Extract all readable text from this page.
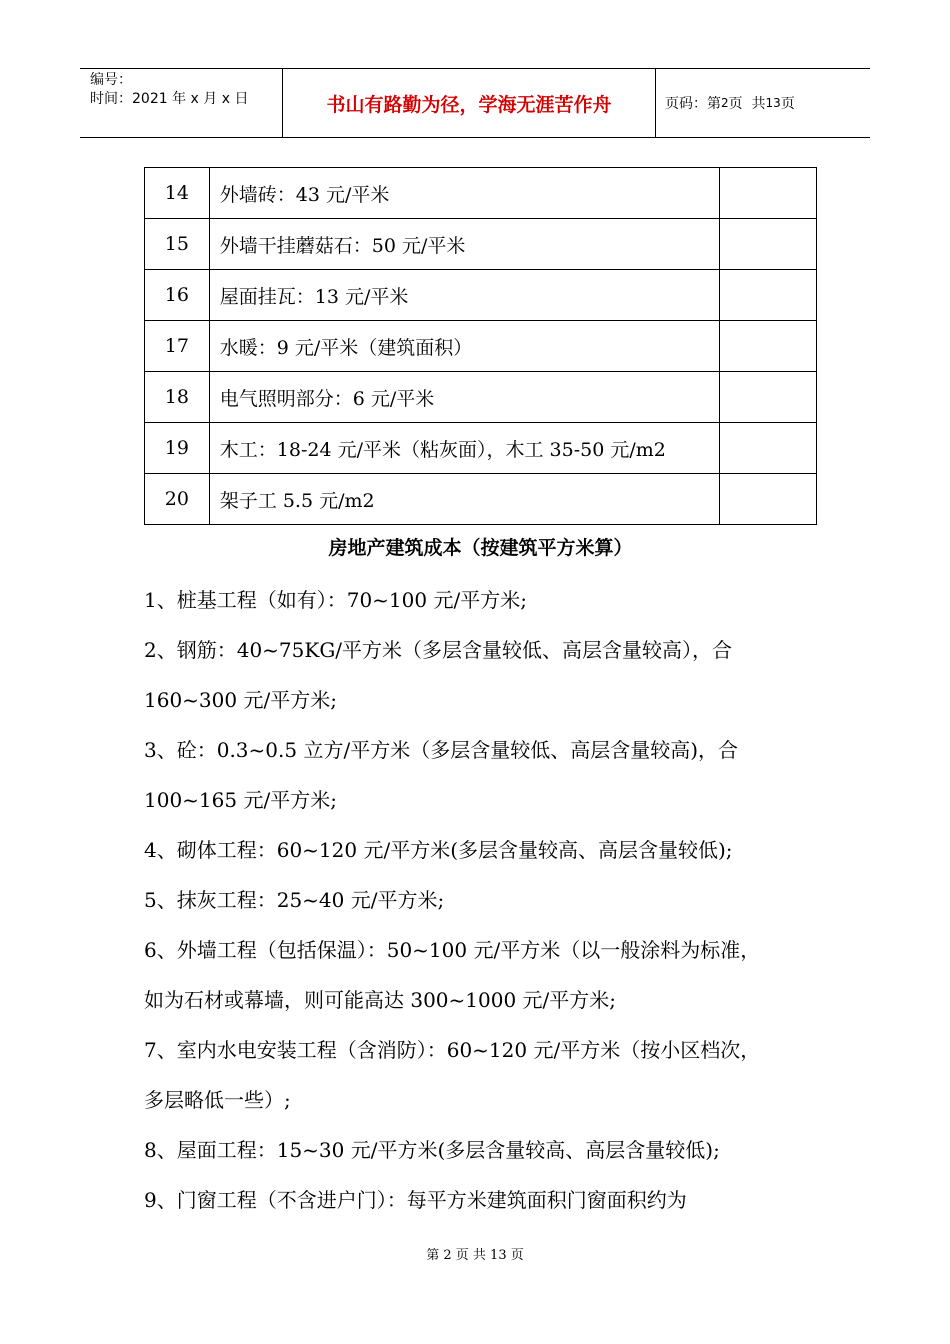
编号：
时间：2021 年 x 月 x 日	书山有路勤为径，学海无涯苦作舟	页码：第 2 页  共 13 页
14	外墙砖：43 元/平米	
15	外墙干挂蘑菇石：50 元/平米	
16	屋面挂瓦：13 元/平米	
17	水暖：9 元/平米（建筑面积）	
18	电气照明部分：6 元/平米	
19	木工：18-24 元/平米（粘灰面），木工 35-50 元/m2	
20	架子工 5.5 元/m2	
房地产建筑成本（按建筑平方米算）

1、桩基工程（如有）：70~100 元/平方米;

2、钢筋：40~75KG/平方米（多层含量较低、高层含量较高），合

160~300 元/平方米;

3、砼：0.3~0.5 立方/平方米（多层含量较低、高层含量较高)，合

100~165 元/平方米;

4、砌体工程：60~120 元/平方米(多层含量较高、高层含量较低);

5、抹灰工程：25~40 元/平方米;

6、外墙工程（包括保温）：50~100 元/平方米（以一般涂料为标准，

如为石材或幕墙，则可能高达 300~1000 元/平方米;

7、室内水电安装工程（含消防）：60~120 元/平方米（按小区档次，

多层略低一些）;

8、屋面工程：15~30 元/平方米(多层含量较高、高层含量较低);

9、门窗工程（不含进户门）：每平方米建筑面积门窗面积约为

第 2 页 共 13 页
